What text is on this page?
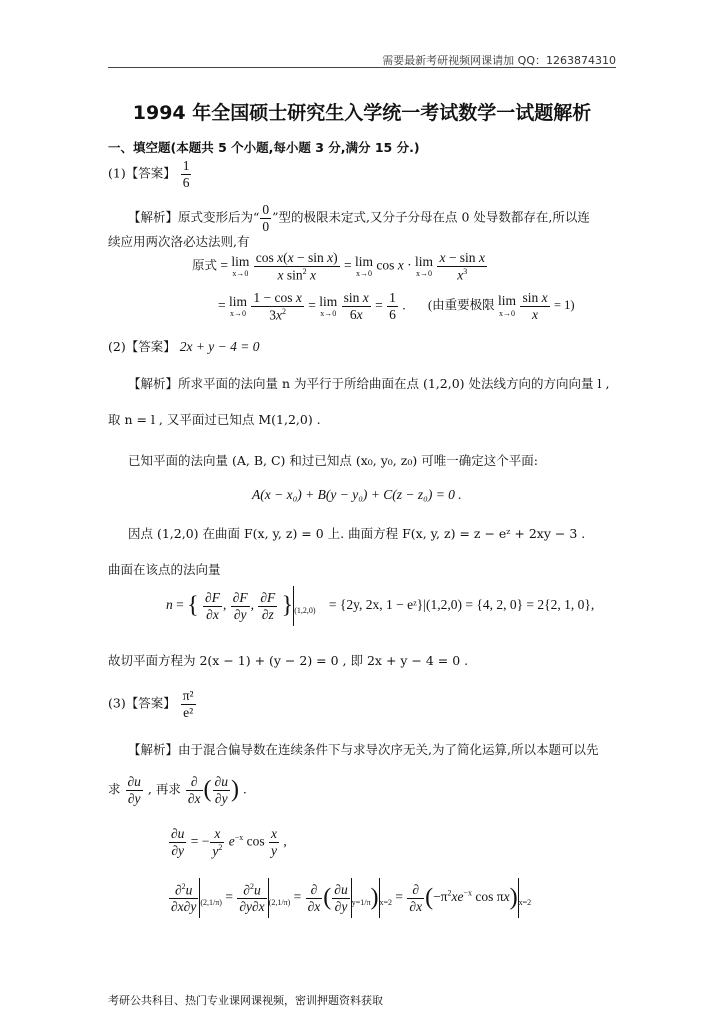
需要最新考研视频网课请加 QQ：1263874310
1994 年全国硕士研究生入学统一考试数学一试题解析
一、填空题(本题共 5 个小题,每小题 3 分,满分 15 分.)
(1)【答案】 $\frac{1}{6}$
【解析】原式变形后为“ $\frac{0}{0}$ ”型的极限未定式,又分子分母在点 0 处导数都存在,所以连
续应用两次洛必达法则,有
原式 = lim
x→0
$\frac{\text{cos x(x − sin x)}}{x \sin^2 x} = \lim$
x→0
cos x · lim
x→0
$\frac{\text{x − sin x}}{x^3}$
= lim
x→0
$\frac{\text{1 − cos x}}{3x^2} = \lim$
x→0
$\frac{\text{sin x}}{6x} = \frac{1}{6}$ . (由重要极限 lim
x→0
$\frac{\text{sin x}}{x} = 1$)
(2)【答案】 2x + y − 4 = 0
【解析】所求平面的法向量 n 为平行于所给曲面在点 (1,2,0) 处法线方向的方向向量 l ,
取 n = l , 又平面过已知点 M(1,2,0) .
已知平面的法向量 (A, B, C) 和过已知点 (x₀, y₀, z₀) 可唯一确定这个平面:
A(x − x₀) + B(y − y₀) + C(z − z₀) = 0 .
因点 (1,2,0) 在曲面 F(x, y, z) = 0 上. 曲面方程 F(x, y, z) = z − eᶻ + 2xy − 3 .
曲面在该点的法向量
n = { $\frac{\partial F}{\partial x}$ , $\frac{\partial F}{\partial y}$ , $\frac{\partial F}{\partial z} \}_{(1,2,0)} = \{2y$, 2x, 1 − eᶻ}|(1,2,0) = {4, 2, 0} = 2{2, 1, 0},
故切平面方程为 2(x − 1) + (y − 2) = 0 , 即 2x + y − 4 = 0 .
(3)【答案】 $\frac{\text{π²}}{\text{e²}}$
【解析】由于混合偏导数在连续条件下与求导次序无关,为了简化运算,所以本题可以先
求 $\frac{\partial u}{\partial y}$ , 再求 $\frac{\partial}{\partial x}$ ( $\frac{\partial u}{\partial y}$ ) .
$\frac{\partial u}{\partial y}$ = − $\frac{x}{y^2} e^{-x}$ $\cos \frac{x}{y}$ ,
$\frac{\partial^2u}{\partial x\partial y} _{(2,1/\pi)} = \frac{\partial^2u}{\partial y\partial x} _{(2,1/\pi)} = \frac{\partial}{\partial x}$ ( $\frac{\partial u}{\partial y} _{y=1/\pi})_{x=2} = \frac{\partial}{\partial x} (-\pi^2xe^{-x}$ $\cos \pi x)_{x=2}$
考研公共科目、热门专业课网课视频，密训押题资料获取
